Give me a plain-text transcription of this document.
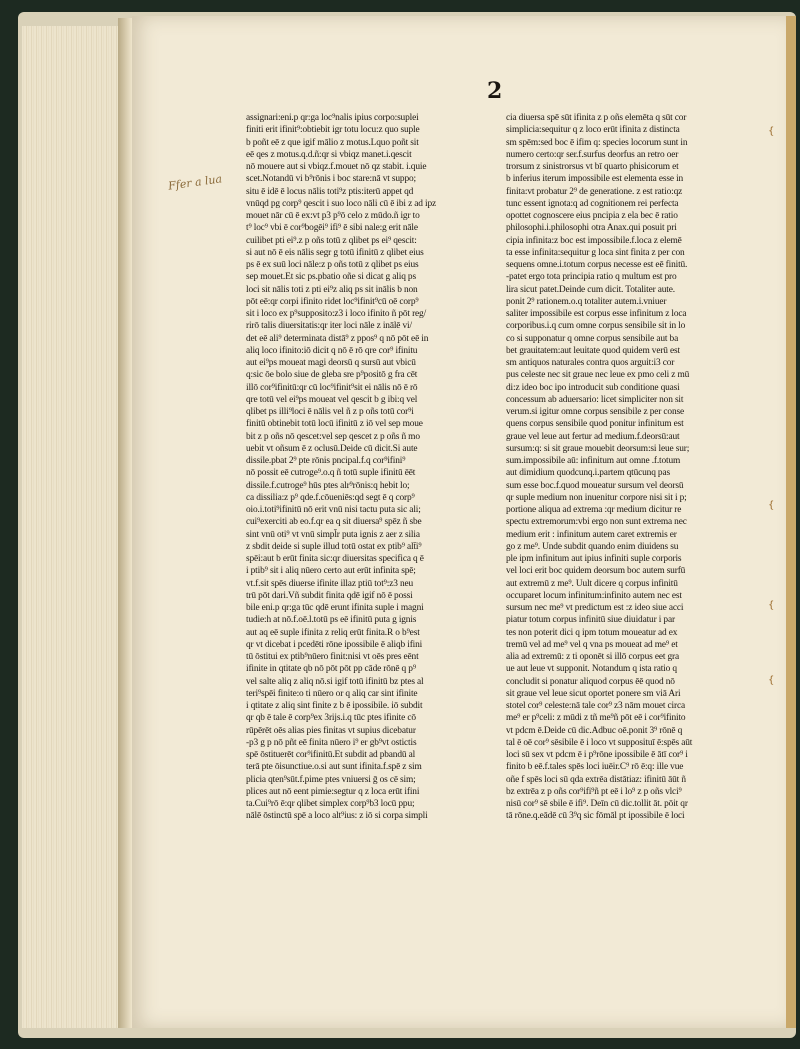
2
Ffer a lua
assignari:eni.p qr:ga loc⁹nalis ipius corpo:suplei
finiti erit ifinit⁹:obtiebit igr totu locu:z quo suple
b poñt eē z que igif mālio z motus.Lquo poñt sit
eē qes z motus.q.d.ñ:qr si vbiqz manet.i.qescit
nō mouere aut si vbiqz.f.mouet nō qz stabit. i.quie
scet.Notandū vi b⁹rōnis i boc stare:nā vt suppo;
situ ē idē ē locus nālis toti⁹z ptis:iterū appet qd
vnūqd pg corp⁹ qescit i suo loco nāli cū ē ibi z ad ipz
mouet nār cū ē ex:vt p3 p⁹ō celo z mūdo.ñ igr to
t⁹ loc⁹ vbi ē cor⁹bogēi⁹ ifi⁹ ē sibi nale:g erit nāle
cuilibet pti ei⁹.z p oñs totū z qlibet ps ei⁹ qescit:
si aut nō ē eis nālis segr g totū ifinitū z qlibet eius
ps ē ex suū loci nāle:z p oñs totū z qlibet ps eius
sep mouet.Et sic ps.pbatio oñe si dicat g aliq ps
loci sit nālis toti z pti ei⁹z aliq ps sit inālis b non
pōt eē:qr corpi ifinito ridet loc⁹ifinit⁹cū oē corp⁹
sit i loco ex p⁹supposito:z3 i loco ifinito ñ pōt reg/
rirō talis diuersitatis:qr iter loci nāle z inālē vi/
det eē ali⁹ determinata distā⁹ z ppos⁹ q nō pōt eē in
aliq loco ifinito:iō dicit q nō ē rō qre cor⁹ ifinitu
aut ei⁹ps moueat magi deorsū q sursū aut vbicū
q:sic ōe bolo siue de gleba sre p⁹positō g fra cēt
illō cor⁹ifinitū:qr cū loc⁹ifinit⁹sit ei nālis nō ē rō
qre totū vel ei⁹ps moueat vel qescit b g ibi:q vel
qlibet ps illi⁹loci ē nālis vel ñ z p oñs totū cor⁹i
finitū obtinebit totū locū ifinitū z iō vel sep moue
bit z p oñs nō qescet:vel sep qescet z p oñs ñ mo
uebit vt oñsum ē z oclusū.Deide cū dicit.Si aute
dissile.pbat 2⁹ pte rōnis pncipal.f.q cor⁹ifini⁹
nō possit eē cutroge⁹.o.q ñ totū suple ifinitū ēēt
dissile.f.cutroge⁹ hūs ptes alr⁹rōnis:q hebit lo;
ca dissilia:z p⁹ qde.f.cōueniēs:qd segt ē q corp⁹
oio.i.toti⁹ifinitū nō erit vnū nisi tactu puta sic ali;
cui⁹exerciti ab eo.f.qr ea q sit diuersa⁹ spēz ñ sbe
sint vnū oti⁹ vt vnū simpl̄r puta ignis z aer z silia
z sbdit deide si suple illud totū ostat ex ptib⁹ alt̄i⁹
spēi:aut b erūt finita sic:qr diuersitas specifica q ē
i ptib⁹ sit i aliq nūero certo aut erūt infinita spē;
vt.f.sit spēs diuerse ifinite illaz ptiū tot⁹:z3 neu
trū pōt dari.Vñ subdit finita qdē igif nō ē possi
bile eni.p qr:ga tūc qdē erunt ifinita suple i magni
tudie:h at nō.f.oē.l.totū ps eē ifinitū puta g ignis
aut aq eē suple ifinita z reliq erūt finita.R o b⁹est
qr vt dicebat i pcedēti rōne ipossibile ē aliqb ifini
tū ōstitui ex ptib⁹nūero finit:nisi vt oēs pres eēnt
ifinite in qtitate qb nō pōt pōt pp cāde rōnē q p⁹
vel salte aliq z aliq nō.si igif totū ifinitū bz ptes al
teri⁹spēi finite:o ti nūero or q aliq car sint ifinite
i qtitate z aliq sint finite z b ē ipossibile. iō subdit
qr qb ē tale ē corp⁹ex 3rijs.i.q tūc ptes ifinite cō
rūpērēt oēs alias pies finitas vt supius dicebatur
-p3 g p nō pñt eē finita nūero i⁹ er gb⁹vt ostictis
spē ōstituerēt cor⁹ifinitū.Et subdit ad pbandū al
terā pte ōisunctiue.o.si aut sunt ifinita.f.spē z sim
plicia qten⁹sūt.f.pime ptes vniuersi ḡ os cē sim;
plices aut nō eent pimie:segtur q z loca erūt ifini
ta.Cui⁹rō ē:qr qlibet simplex corp⁹b3 locū ppu;
nālē ōstinctū spē a loco alt⁹ius: z iō si corpa simpli
cia diuersa spē sūt ifinita z p oñs elemēta q sūt cor
simplicia:sequitur q z loco erūt ifinita z distincta
sm spēm:sed boc ē ifim q: species locorum sunt in
numero certo:qr ser.f.surfus deorfus an retro oer
trorsum z sinistrorsus vt bī quarto phisicorum et
b inferius iterum impossibile est elementa esse in
finita:vt probatur 2⁹ de generatione. z est ratio:qz
tunc essent ignota:q ad cognitionem rei perfecta
opottet cognoscere eius pncipia z ela bec ē ratio
philosophi.i.philosophi otra Anax.qui posuit pri
cipia infinita:z boc est impossibile.f.loca z elemē
ta esse infinita:sequitur g loca sint finita z per con
sequens omne.i.totum corpus necesse est eē finitū.
-patet ergo tota principia ratio q multum est pro
lira sicut patet.Deinde cum dicit. Totaliter aute.
ponit 2⁹ rationem.o.q totaliter autem.i.vniuer
saliter impossibile est corpus esse infinitum z loca
corporibus.i.q cum omne corpus sensibile sit in lo
co si supponatur q omne corpus sensibile aut ba
bet grauitatem:aut leuitate quod quidem verū est
sm antiquos naturales contra quos arguit:i3 cor
pus celeste nec sit graue nec leue ex pmo celi z mū
di:z ideo boc ipo introducit sub conditione quasi
concessum ab aduersario: licet simpliciter non sit
verum.si igitur omne corpus sensibile z per conse
quens corpus sensibile quod ponitur infinitum est
graue vel leue aut fertur ad medium.f.deorsū:aut
sursum:q: si sit graue mouebit deorsum:si leue sur;
sum.impossibile aū: infinitum aut omne .f.totum
aut dimidium quodcunq.i.partem qtūcunq pas
sum esse boc.f.quod moueatur sursum vel deorsū
qr suple medium non inuenitur corpore nisi sit i p;
portione aliqua ad extrema :qr medium dicitur re
spectu extremorum:vbi ergo non sunt extrema nec
medium erit : infinitum autem caret extremis er
go z me⁹. Unde subdit quando enim diuidens su
ple ipm infinitum aut ipius infiniti suple corporis
vel loci erit boc quidem deorsum boc autem surfū
aut extremū z me⁹. Uult dicere q corpus infinitū
occuparet locum infinitum:infinito autem nec est
sursum nec me⁹ vt predictum est :z ideo siue acci
piatur totum corpus infinitū siue diuidatur i par
tes non poterit dici q ipm totum moueatur ad ex
tremū vel ad me⁹ vel q vna ps moueat ad me⁹ et
alia ad extremū: z ti oponēt si illō corpus eet gra
ue aut leue vt supponit. Notandum q ista ratio q
concludit si ponatur aliquod corpus ēē quod nō
sit graue vel leue sicut oportet ponere sm viā Ari
stotel cor⁹ celeste:nā tale cor⁹ z3 nām mouet circa
me⁹ er p⁹celi: z mūdi z tñ me⁹ñ pōt eē i cor⁹ifinito
vt pdcm ē.Deide cū dic.Adbuc oē.ponit 3⁹ rōnē q
tal ē oē cor⁹ sēsibile ē i loco vt supposituī ē:spēs aūt
loci sū sex vt pdcm ē i p⁹rōne ipossibile ē ātī cor⁹ i
finito b eē.f.tales spēs loci iuēir.C⁹ rō ē:q: ille vue
oñe f spēs loci sū qda extrēa distātiaz: ifinitū āūt ñ
bz extrēa z p oñs cor⁹ifi⁹ñ pt eē i lo⁹ z p oñs vlci⁹
nisū cor⁹ sē sbile ē ifi⁹. Deīn cū dic.tollit āt. pōit qr
tā rōne.q.eādē cū 3⁹q sic fōmāl pt ipossibile ē loci
{
{
{
{
